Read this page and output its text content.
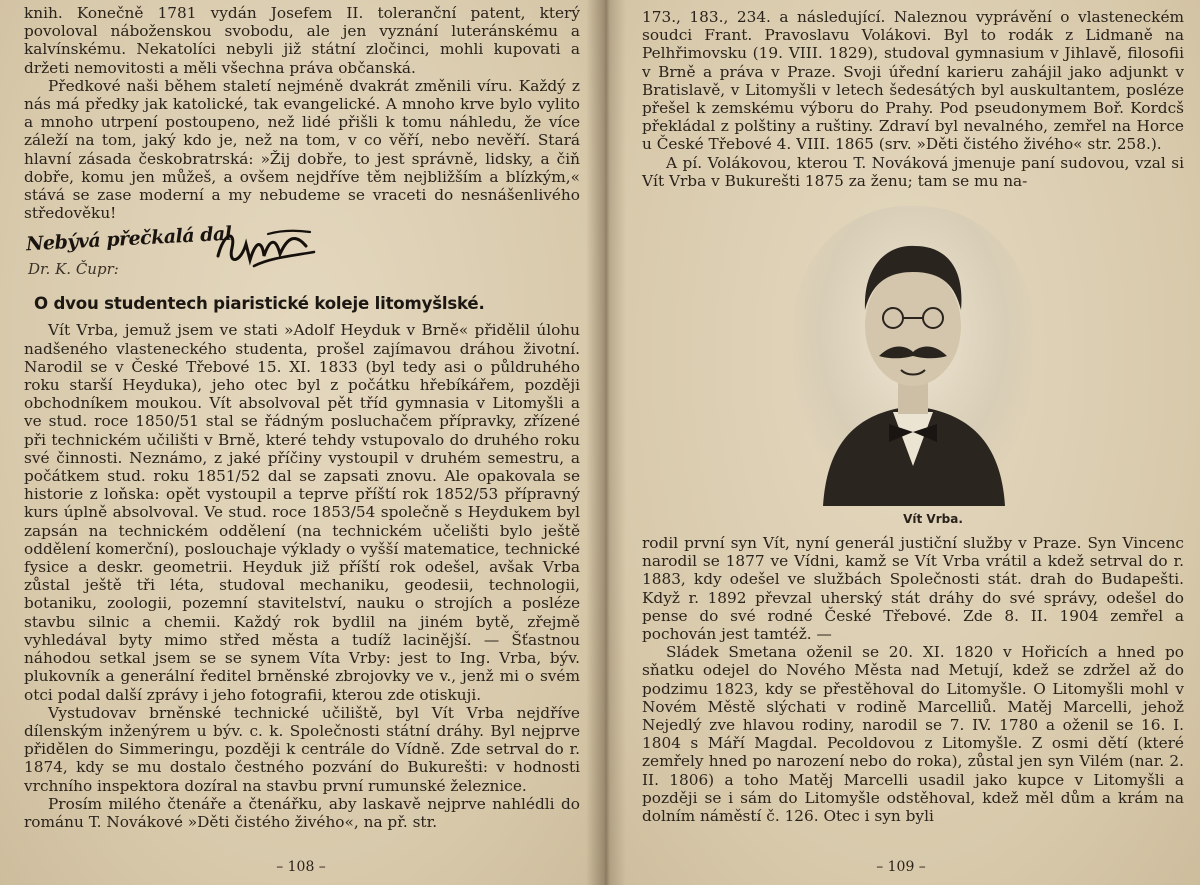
knih. Konečně 1781 vydán Josefem II. toleranční patent, který povoloval náboženskou svobodu, ale jen vyznání luteránskému a kalvínskému. Nekatolíci nebyli již státní zločinci, mohli kupovati a držeti nemovitosti a měli všechna práva občanská.

Předkové naši během staletí nejméně dvakrát změnili víru. Každý z nás má předky jak katolické, tak evangelické. A mnoho krve bylo vylito a mnoho utrpení postoupeno, než lidé přišli k tomu náhledu, že více záleží na tom, jaký kdo je, než na tom, v co věří, nebo nevěří. Stará hlavní zásada českobratrská: »Žij dobře, to jest správně, lidsky, a čiň dobře, komu jen můžeš, a ovšem nejdříve těm nejbližším a blízkým,« stává se zase moderní a my nebudeme se vraceti do nesnášenlivého středověku!

Nebývá přečkalá dal
Dr. K. Čupr:
O dvou studentech piaristické koleje litomyšlské.

Vít Vrba, jemuž jsem ve stati »Adolf Heyduk v Brně« přidělil úlohu nadšeného vlasteneckého studenta, prošel zajímavou dráhou životní. Narodil se v České Třebové 15. XI. 1833 (byl tedy asi o půldruhého roku starší Heyduka), jeho otec byl z počátku hřebíkářem, později obchodníkem moukou. Vít absolvoval pět tříd gymnasia v Litomyšli a ve stud. roce 1850/51 stal se řádným posluchačem přípravky, zřízené při technickém učilišti v Brně, které tehdy vstupovalo do druhého roku své činnosti. Neznámo, z jaké příčiny vystoupil v druhém semestru, a počátkem stud. roku 1851/52 dal se zapsati znovu. Ale opakovala se historie z loňska: opět vystoupil a teprve příští rok 1852/53 přípravný kurs úplně absolvoval. Ve stud. roce 1853/54 společně s Heydukem byl zapsán na technickém oddělení (na technickém učelišti bylo ještě oddělení komerční), poslouchaje výklady o vyšší matematice, technické fysice a deskr. geometrii. Heyduk již příští rok odešel, avšak Vrba zůstal ještě tři léta, studoval mechaniku, geodesii, technologii, botaniku, zoologii, pozemní stavitelství, nauku o strojích a posléze stavbu silnic a chemii. Každý rok bydlil na jiném bytě, zřejmě vyhledával byty mimo střed města a tudíž lacinější. — Šťastnou náhodou setkal jsem se se synem Víta Vrby: jest to Ing. Vrba, býv. plukovník a generální ředitel brněnské zbrojovky ve v., jenž mi o svém otci podal další zprávy i jeho fotografii, kterou zde otiskuji.

Vystudovav brněnské technické učiliště, byl Vít Vrba nejdříve dílenským inženýrem u býv. c. k. Společnosti státní dráhy. Byl nejprve přidělen do Simmeringu, později k centrále do Vídně. Zde setrval do r. 1874, kdy se mu dostalo čestného pozvání do Bukurešti: v hodnosti vrchního inspektora dozíral na stavbu první rumunské železnice.

Prosím milého čtenáře a čtenářku, aby laskavě nejprve nahlédli do románu T. Novákové »Děti čistého živého«, na př. str.

– 108 –

173., 183., 234. a následující. Naleznou vyprávění o vlasteneckém soudci Frant. Pravoslavu Volákovi. Byl to rodák z Lidmaně na Pelhřimovsku (19. VIII. 1829), studoval gymnasium v Jihlavě, filosofii v Brně a práva v Praze. Svoji úřední karieru zahájil jako adjunkt v Bratislavě, v Litomyšli v letech šedesátých byl auskultantem, posléze přešel k zemskému výboru do Prahy. Pod pseudonymem Boř. Kordcš překládal z polštiny a ruštiny. Zdraví byl nevalného, zemřel na Horce u České Třebové 4. VIII. 1865 (srv. »Děti čistého živého« str. 258.).

A pí. Volákovou, kterou T. Nováková jmenuje paní sudovou, vzal si Vít Vrba v Bukurešti 1875 za ženu; tam se mu na-

Vít Vrba.

rodil první syn Vít, nyní generál justiční služby v Praze. Syn Vincenc narodil se 1877 ve Vídni, kamž se Vít Vrba vrátil a kdež setrval do r. 1883, kdy odešel ve službách Společnosti stát. drah do Budapešti. Když r. 1892 převzal uherský stát dráhy do své správy, odešel do pense do své rodné České Třebové. Zde 8. II. 1904 zemřel a pochován jest tamtéž. —

Sládek Smetana oženil se 20. XI. 1820 v Hořicích a hned po sňatku odejel do Nového Města nad Metují, kdež se zdržel až do podzimu 1823, kdy se přestěhoval do Litomyšle. O Litomyšli mohl v Novém Městě slýchati v rodině Marcelliů. Matěj Marcelli, jehož Nejedlý zve hlavou rodiny, narodil se 7. IV. 1780 a oženil se 16. I. 1804 s Máří Magdal. Pecoldovou z Litomyšle. Z osmi dětí (které zemřely hned po narození nebo do roka), zůstal jen syn Vilém (nar. 2. II. 1806) a toho Matěj Marcelli usadil jako kupce v Litomyšli a později se i sám do Litomyšle odstěhoval, kdež měl dům a krám na dolním náměstí č. 126. Otec i syn byli

– 109 –
